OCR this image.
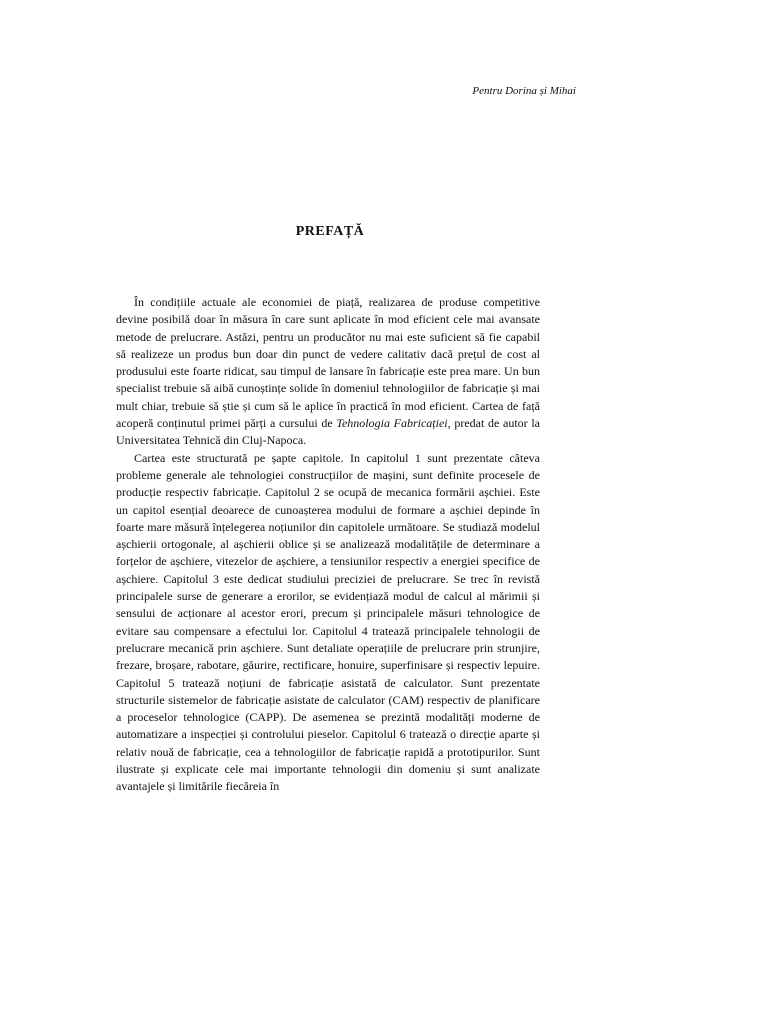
Pentru Dorina și Mihai
PREFAȚĂ

În condițiile actuale ale economiei de piață, realizarea de produse competitive devine posibilă doar în măsura în care sunt aplicate în mod eficient cele mai avansate metode de prelucrare. Astăzi, pentru un producător nu mai este suficient să fie capabil să realizeze un produs bun doar din punct de vedere calitativ dacă prețul de cost al produsului este foarte ridicat, sau timpul de lansare în fabricație este prea mare. Un bun specialist trebuie să aibă cunoștințe solide în domeniul tehnologiilor de fabricație și mai mult chiar, trebuie să știe și cum să le aplice în practică în mod eficient. Cartea de față acoperă conținutul primei părți a cursului de Tehnologia Fabricației, predat de autor la Universitatea Tehnică din Cluj-Napoca.

Cartea este structurată pe șapte capitole. In capitolul 1 sunt prezentate câteva probleme generale ale tehnologiei construcțiilor de mașini, sunt definite procesele de producție respectiv fabricație. Capitolul 2 se ocupă de mecanica formării așchiei. Este un capitol esențial deoarece de cunoașterea modului de formare a așchiei depinde în foarte mare măsură înțelegerea noțiunilor din capitolele următoare. Se studiază modelul așchierii ortogonale, al așchierii oblice și se analizează modalitățile de determinare a forțelor de așchiere, vitezelor de așchiere, a tensiunilor respectiv a energiei specifice de așchiere. Capitolul 3 este dedicat studiului preciziei de prelucrare. Se trec în revistă principalele surse de generare a erorilor, se evidențiază modul de calcul al mărimii și sensului de acționare al acestor erori, precum și principalele măsuri tehnologice de evitare sau compensare a efectului lor. Capitolul 4 tratează principalele tehnologii de prelucrare mecanică prin așchiere. Sunt detaliate operațiile de prelucrare prin strunjire, frezare, broșare, rabotare, găurire, rectificare, honuire, superfinisare și respectiv lepuire. Capitolul 5 tratează noțiuni de fabricație asistată de calculator. Sunt prezentate structurile sistemelor de fabricație asistate de calculator (CAM) respectiv de planificare a proceselor tehnologice (CAPP). De asemenea se prezintă modalități moderne de automatizare a inspecției și controlului pieselor. Capitolul 6 tratează o direcție aparte și relativ nouă de fabricație, cea a tehnologiilor de fabricație rapidă a prototipurilor. Sunt ilustrate și explicate cele mai importante tehnologii din domeniu și sunt analizate avantajele și limitările fiecăreia în
